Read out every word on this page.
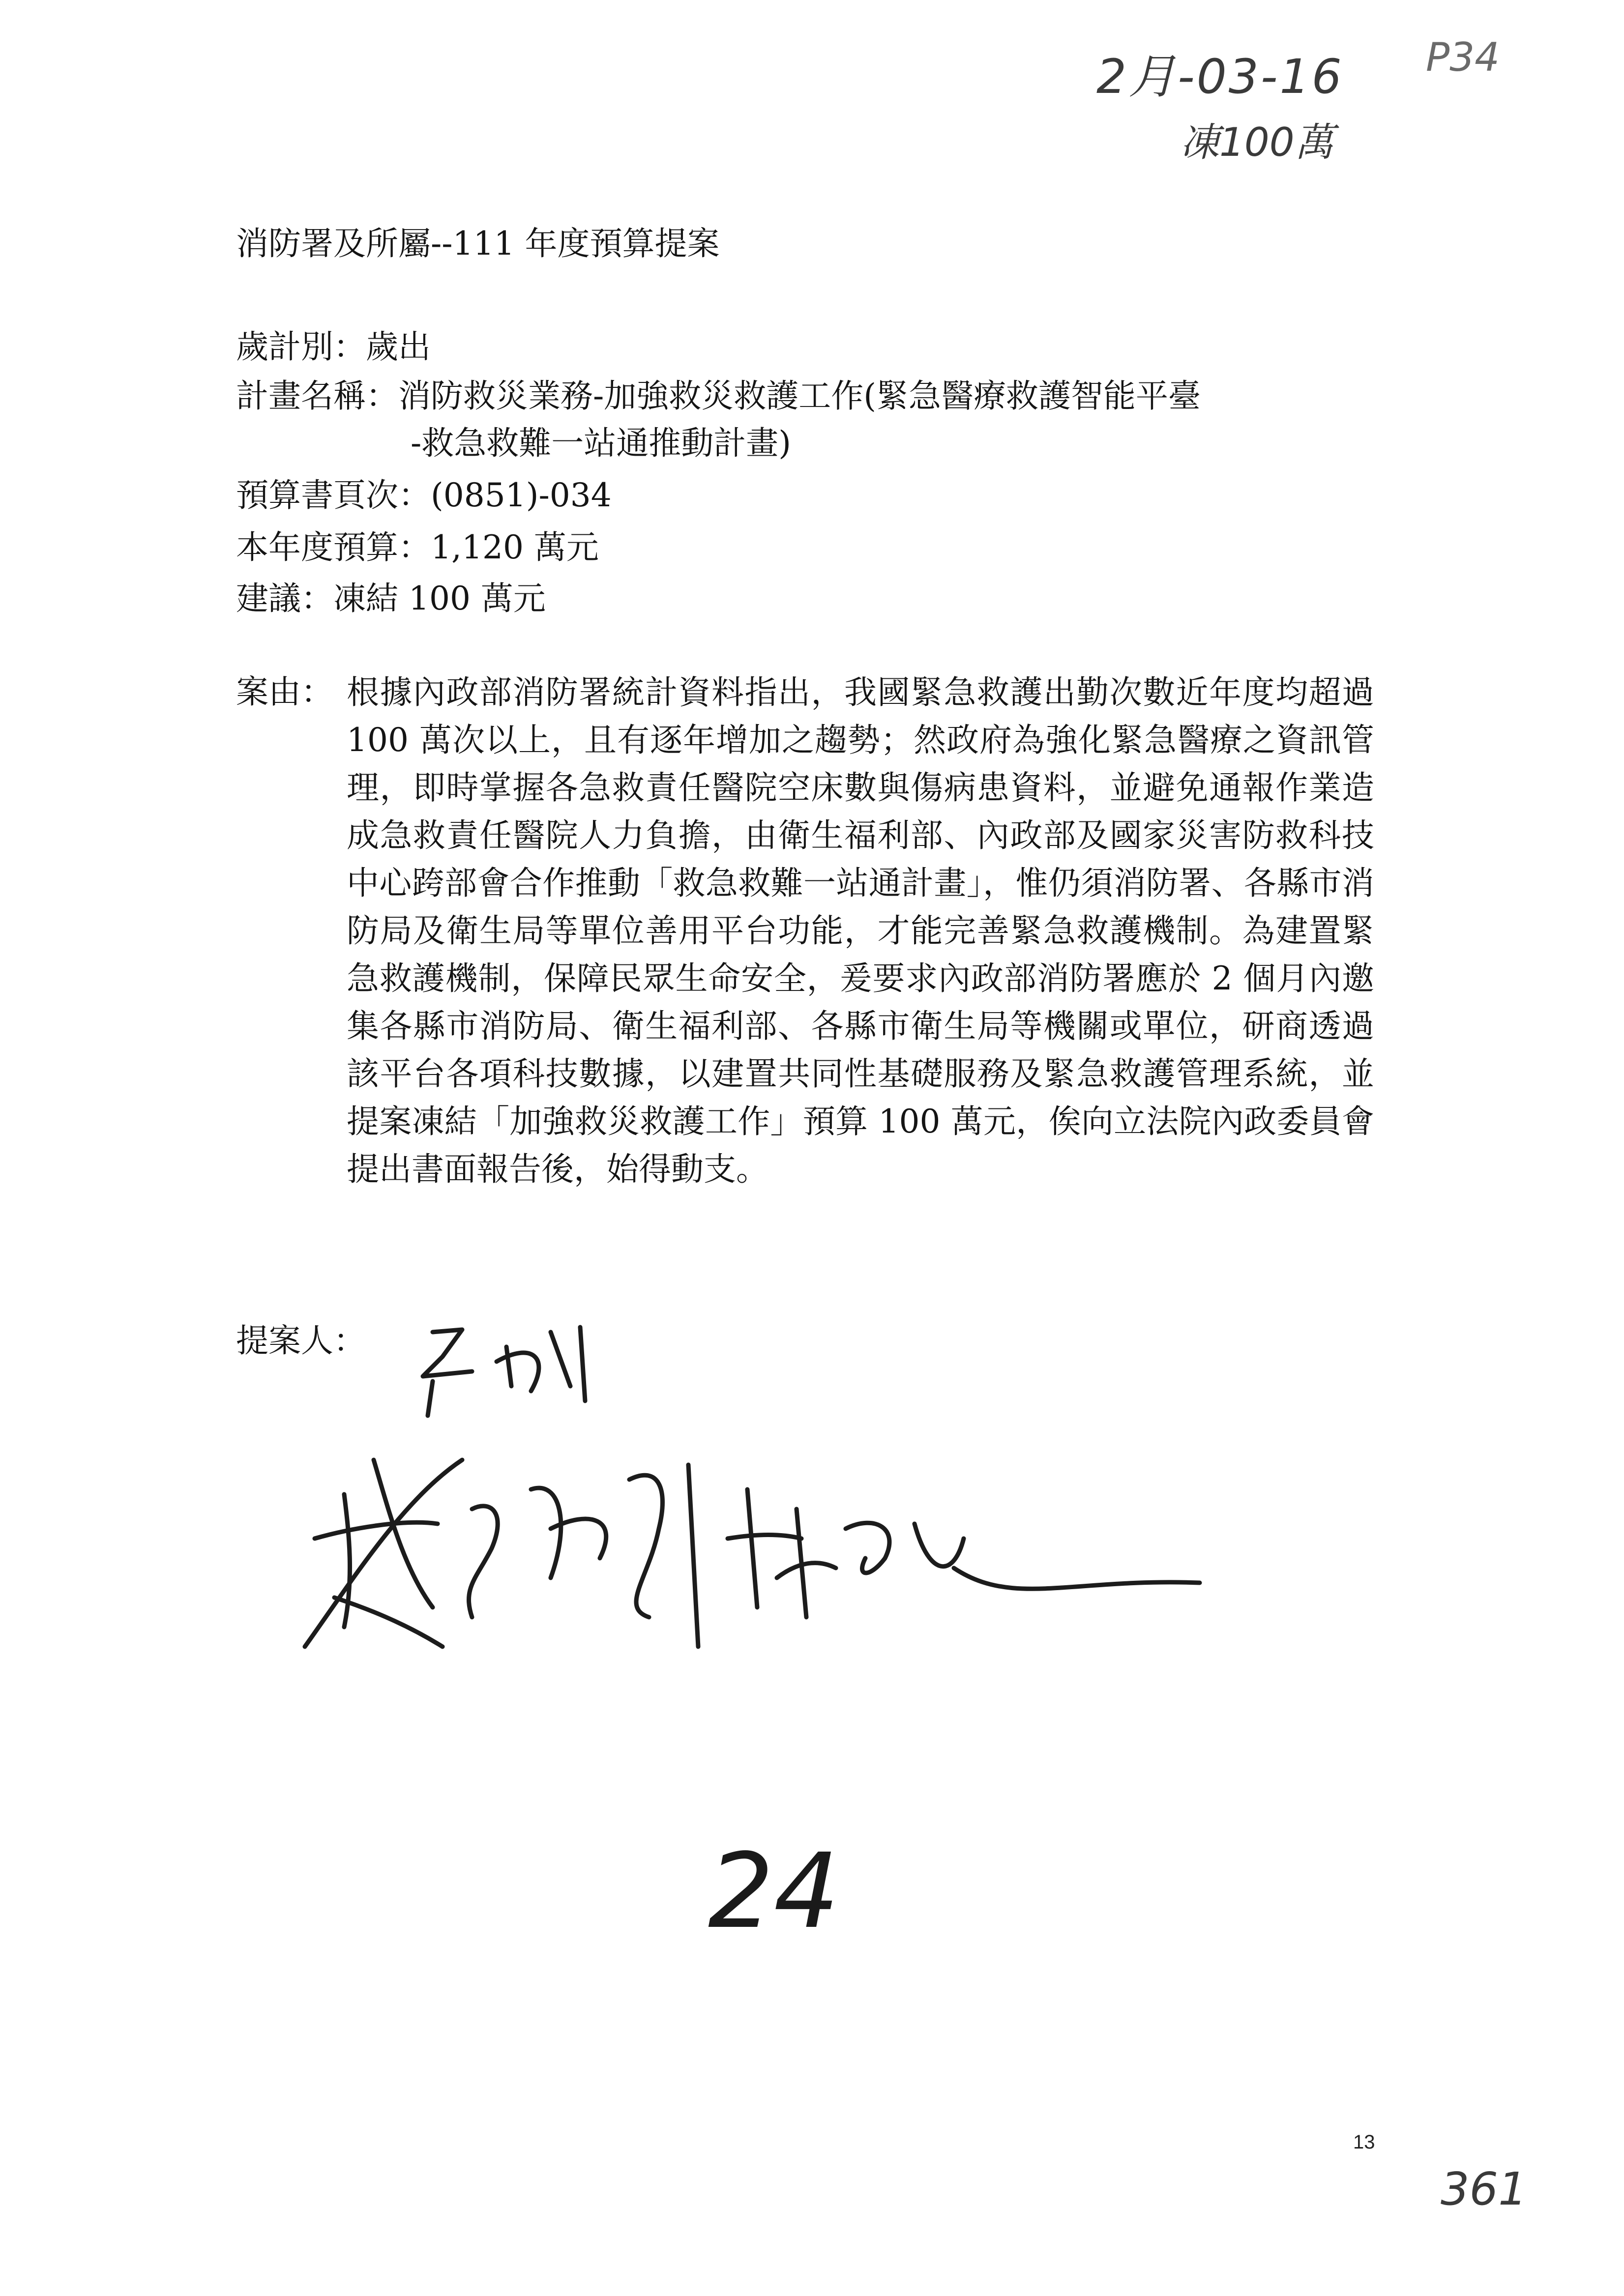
2月-03-16 P34
凍100萬
消防署及所屬--111 年度預算提案
歲計別：歲出
計畫名稱：消防救災業務-加強救災救護工作(緊急醫療救護智能平臺
-救急救難一站通推動計畫)
預算書頁次：(0851)-034
本年度預算：1,120 萬元
建議：凍結 100 萬元
案由： 根據內政部消防署統計資料指出，我國緊急救護出勤次數近年度均超過 100 萬次以上，且有逐年增加之趨勢；然政府為強化緊急醫療之資訊管理，即時掌握各急救責任醫院空床數與傷病患資料，並避免通報作業造成急救責任醫院人力負擔，由衛生福利部、內政部及國家災害防救科技中心跨部會合作推動「救急救難一站通計畫」，惟仍須消防署、各縣市消防局及衛生局等單位善用平台功能，才能完善緊急救護機制。為建置緊急救護機制，保障民眾生命安全，爰要求內政部消防署應於 2 個月內邀集各縣市消防局、衛生福利部、各縣市衛生局等機關或單位，研商透過該平台各項科技數據，以建置共同性基礎服務及緊急救護管理系統，並提案凍結「加強救災救護工作」預算 100 萬元，俟向立法院內政委員會提出書面報告後，始得動支。
提案人：
24
13
361
